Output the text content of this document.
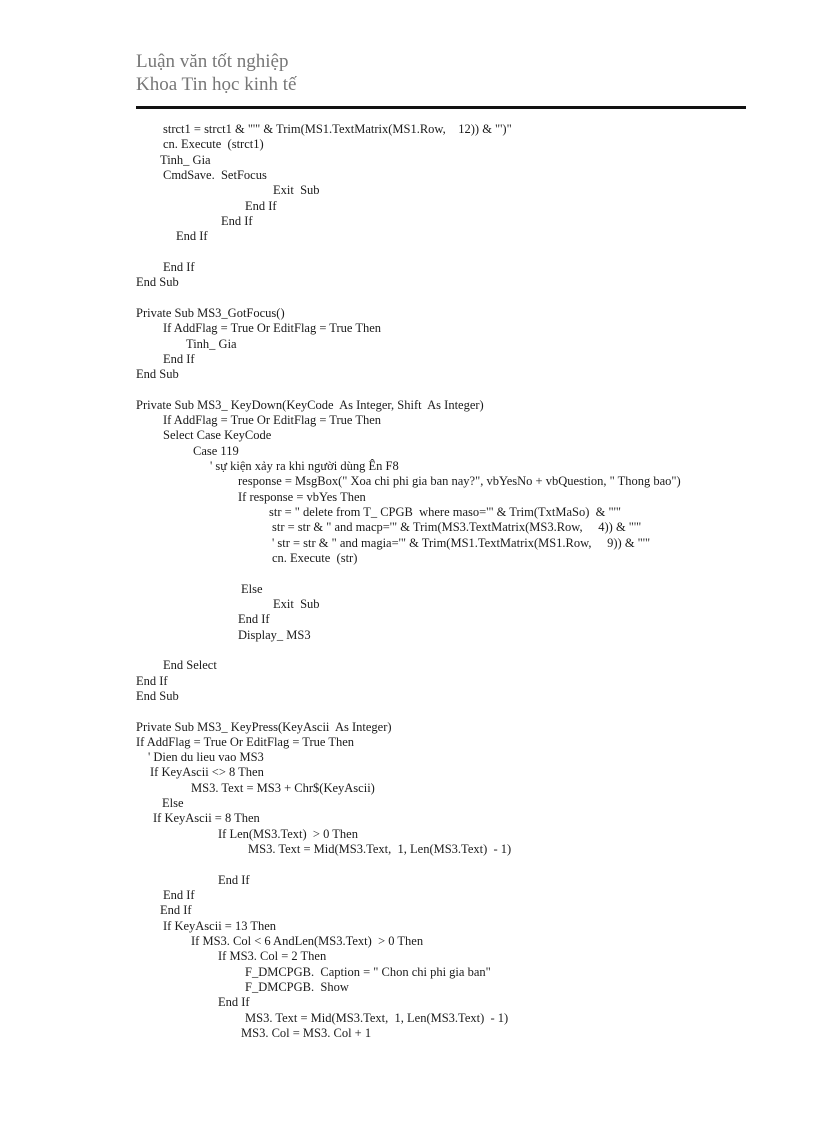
Luận văn tốt nghiệp
Khoa Tin học kinh tế
strct1 = strct1 & "'" & Trim(MS1.TextMatrix(MS1.Row,    12)) & "')"
cn. Execute  (strct1)
Tinh_ Gia
CmdSave.  SetFocus
Exit  Sub
End If
End If
End If
End If
End Sub
Private Sub MS3_GotFocus()
If AddFlag = True Or EditFlag = True Then
Tinh_ Gia
End If
End Sub
Private Sub MS3_ KeyDown(KeyCode  As Integer, Shift  As Integer)
If AddFlag = True Or EditFlag = True Then
Select Case KeyCode
Case 119
' sự kiện xảy ra khi người dùng Ên F8
response = MsgBox(" Xoa chi phi gia ban nay?", vbYesNo + vbQuestion, " Thong bao")
If response = vbYes Then
str = " delete from T_ CPGB  where maso='" & Trim(TxtMaSo)  & "'"
str = str & " and macp='" & Trim(MS3.TextMatrix(MS3.Row,     4)) & "'"
' str = str & " and magia='" & Trim(MS1.TextMatrix(MS1.Row,     9)) & "'"
cn. Execute  (str)
Else
Exit  Sub
End If
Display_ MS3
End Select
End If
End Sub
Private Sub MS3_ KeyPress(KeyAscii  As Integer)
If AddFlag = True Or EditFlag = True Then
' Dien du lieu vao MS3
If KeyAscii <> 8 Then
MS3. Text = MS3 + Chr$(KeyAscii)
Else
If KeyAscii = 8 Then
If Len(MS3.Text)  > 0 Then
MS3. Text = Mid(MS3.Text,  1, Len(MS3.Text)  - 1)
End If
End If
End If
If KeyAscii = 13 Then
If MS3. Col < 6 AndLen(MS3.Text)  > 0 Then
If MS3. Col = 2 Then
F_DMCPGB.  Caption = " Chon chi phi gia ban"
F_DMCPGB.  Show
End If
MS3. Text = Mid(MS3.Text,  1, Len(MS3.Text)  - 1)
MS3. Col = MS3. Col + 1
